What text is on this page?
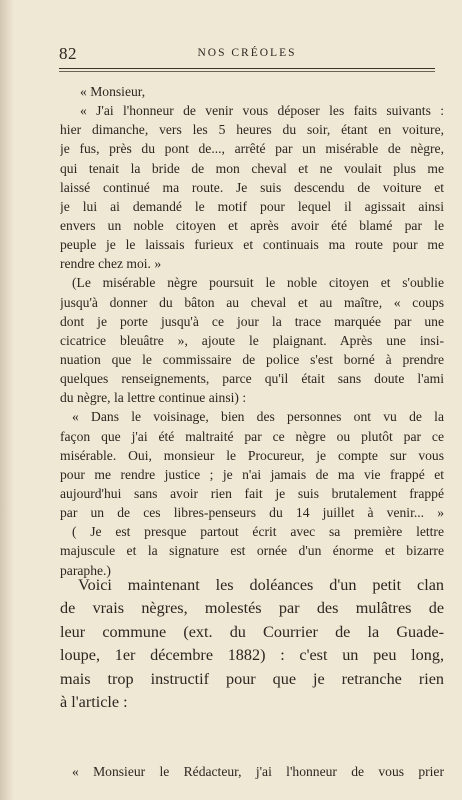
82	NOS CRÉOLES
« Monsieur,
« J'ai l'honneur de venir vous déposer les faits suivants :
hier dimanche, vers les 5 heures du soir, étant en voiture,
je fus, près du pont de..., arrêté par un misérable de nègre,
qui tenait la bride de mon cheval et ne voulait plus me
laissé continué ma route. Je suis descendu de voiture et
je lui ai demandé le motif pour lequel il agissait ainsi
envers un noble citoyen et après avoir été blamé par le
peuple je le laissais furieux et continuais ma route pour me
rendre chez moi. »
(Le misérable nègre poursuit le noble citoyen et s'oublie
jusqu'à donner du bâton au cheval et au maître, « coups
dont je porte jusqu'à ce jour la trace marquée par une
cicatrice bleuâtre », ajoute le plaignant. Après une insi-
nuation que le commissaire de police s'est borné à prendre
quelques renseignements, parce qu'il était sans doute l'ami
du nègre, la lettre continue ainsi) :
« Dans le voisinage, bien des personnes ont vu de la
façon que j'ai été maltraité par ce nègre ou plutôt par ce
misérable. Oui, monsieur le Procureur, je compte sur vous
pour me rendre justice ; je n'ai jamais de ma vie frappé et
aujourd'hui sans avoir rien fait je suis brutalement frappé
par un de ces libres-penseurs du 14 juillet à venir... »
( Je est presque partout écrit avec sa première lettre
majuscule et la signature est ornée d'un énorme et bizarre
paraphe.)
Voici maintenant les doléances d'un petit clan
de vrais nègres, molestés par des mulâtres de
leur commune (ext. du Courrier de la Guade-
loupe, 1er décembre 1882) : c'est un peu long,
mais trop instructif pour que je retranche rien
à l'article :
« Monsieur le Rédacteur, j'ai l'honneur de vous prier
